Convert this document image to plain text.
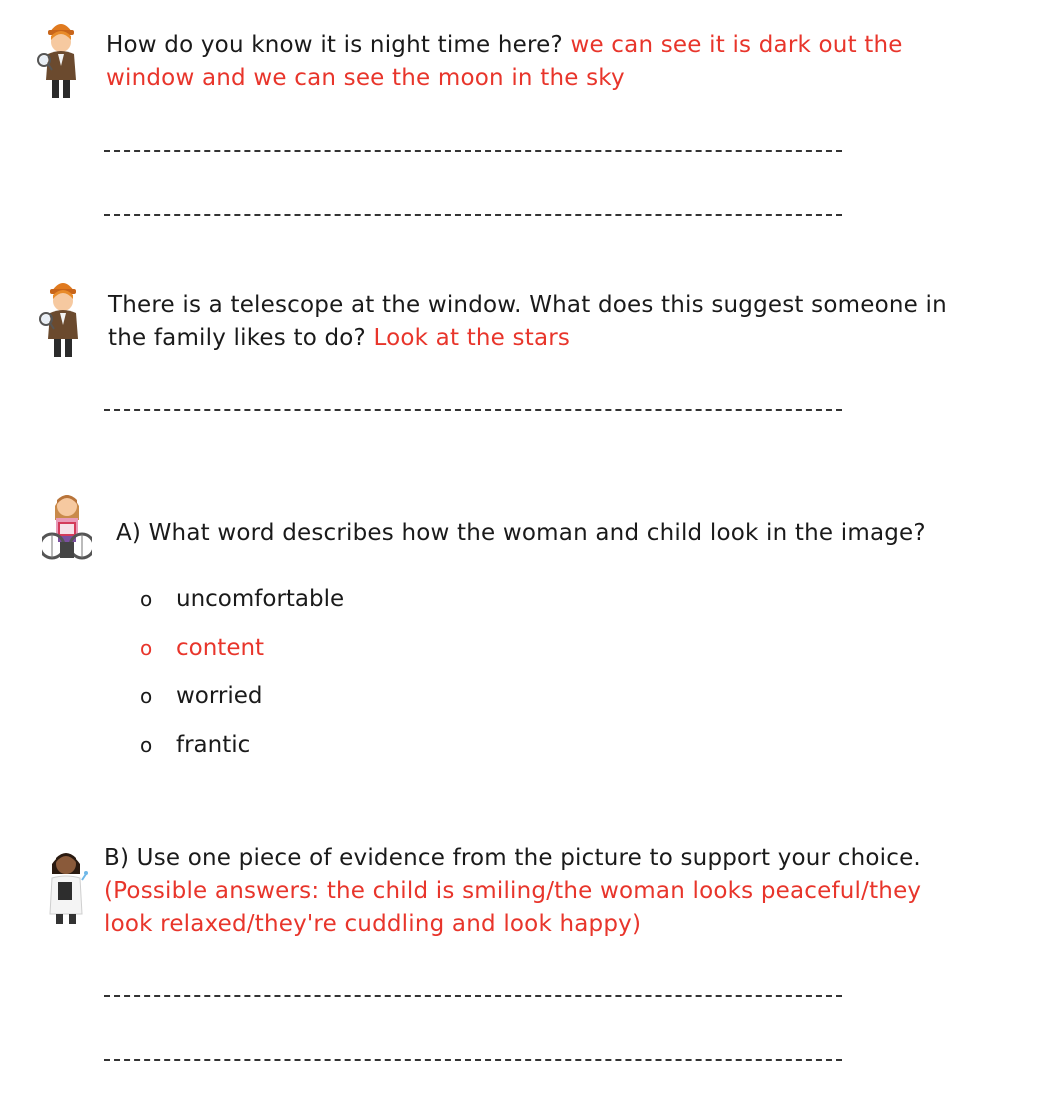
How do you know it is night time here? we can see it is dark out the window and we can see the moon in the sky
There is a telescope at the window. What does this suggest someone in the family likes to do? Look at the stars
A) What word describes how the woman and child look in the image?
o uncomfortable
o content
o worried
o frantic
B) Use one piece of evidence from the picture to support your choice. (Possible answers: the child is smiling/the woman looks peaceful/they look relaxed/they're cuddling and look happy)
